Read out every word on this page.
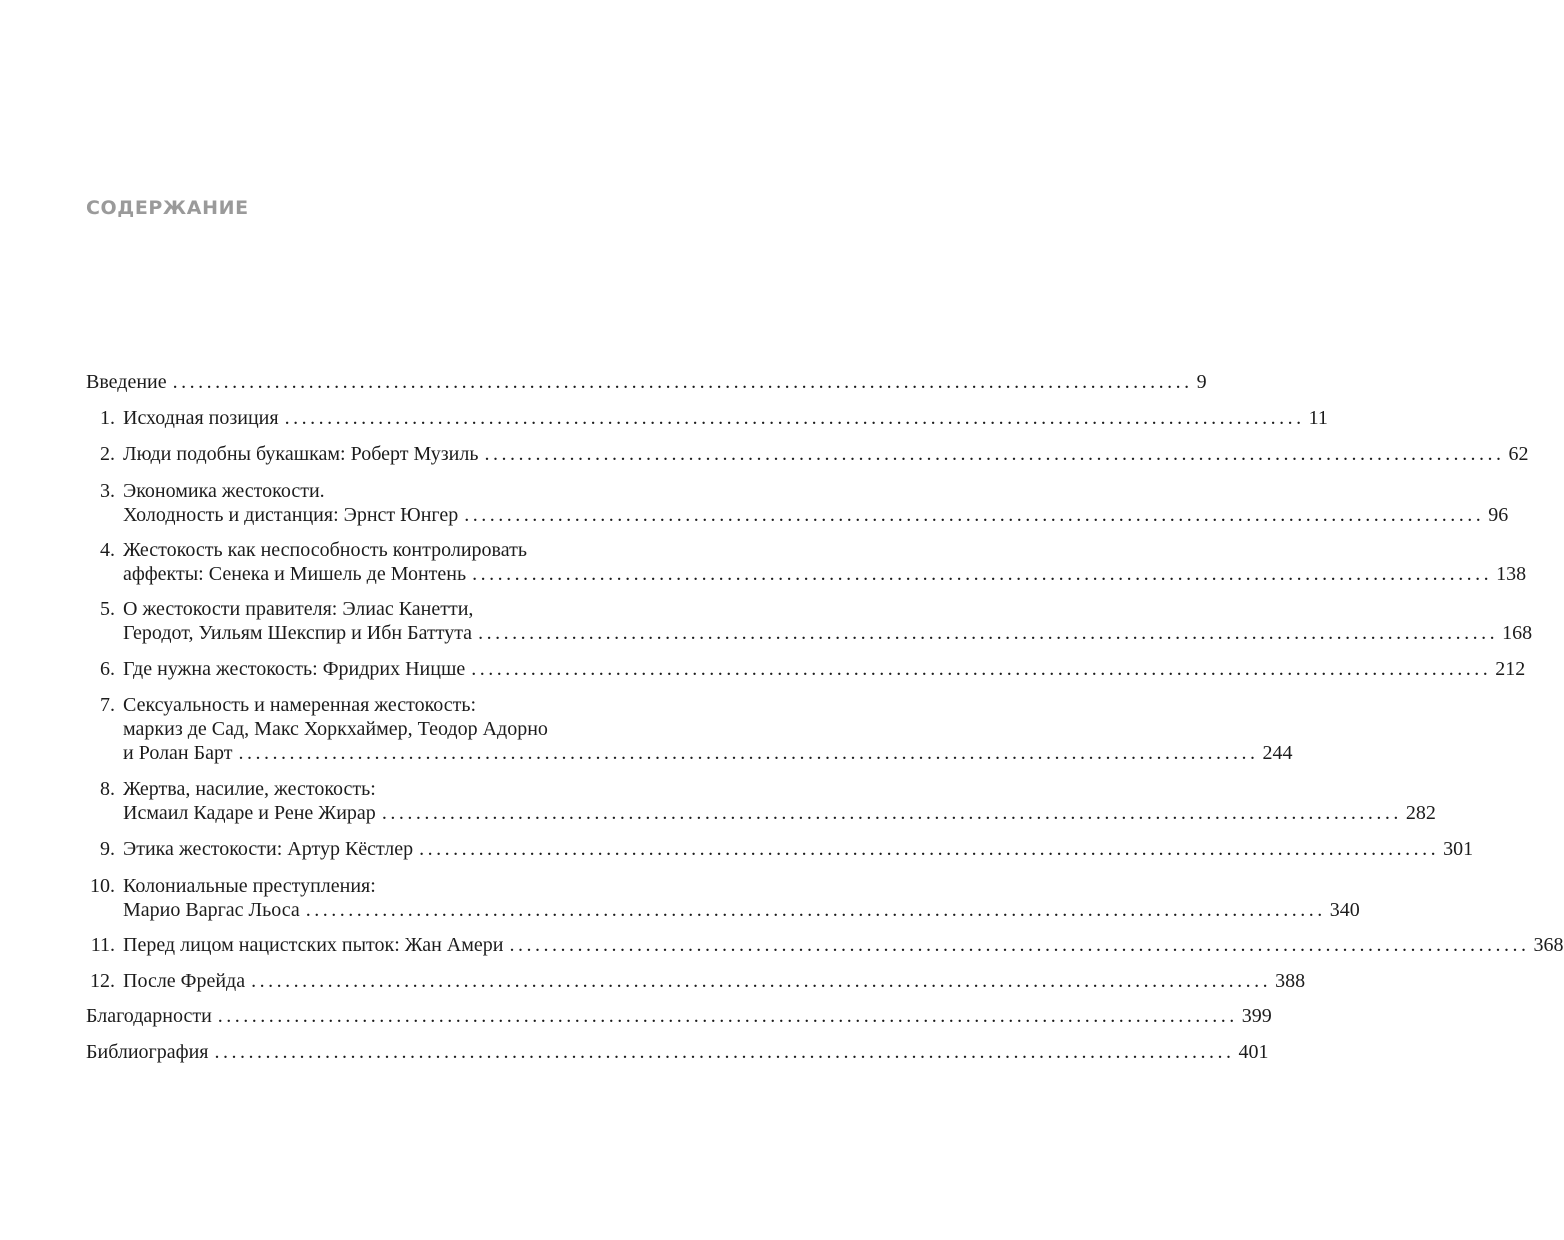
СОДЕРЖАНИЕ
Введение ........................................................................................................................ 9
1. Исходная позиция ........................................................................................................................ 11
2. Люди подобны букашкам: Роберт Музиль ........................................................................................................................ 62
3. Экономика жестокости.
Холодность и дистанция: Эрнст Юнгер ........................................................................................................................ 96
4. Жестокость как неспособность контролировать
аффекты: Сенека и Мишель де Монтень ........................................................................................................................ 138
5. О жестокости правителя: Элиас Канетти,
Геродот, Уильям Шекспир и Ибн Баттута ........................................................................................................................ 168
6. Где нужна жестокость: Фридрих Ницше ........................................................................................................................ 212
7. Сексуальность и намеренная жестокость:
маркиз де Сад, Макс Хоркхаймер, Теодор Адорно
и Ролан Барт ........................................................................................................................ 244
8. Жертва, насилие, жестокость:
Исмаил Кадаре и Рене Жирар ........................................................................................................................ 282
9. Этика жестокости: Артур Кёстлер ........................................................................................................................ 301
10. Колониальные преступления:
Марио Варгас Льоса ........................................................................................................................ 340
11. Перед лицом нацистских пыток: Жан Амери ........................................................................................................................ 368
12. После Фрейда ........................................................................................................................ 388
Благодарности ........................................................................................................................ 399
Библиография ........................................................................................................................ 401
